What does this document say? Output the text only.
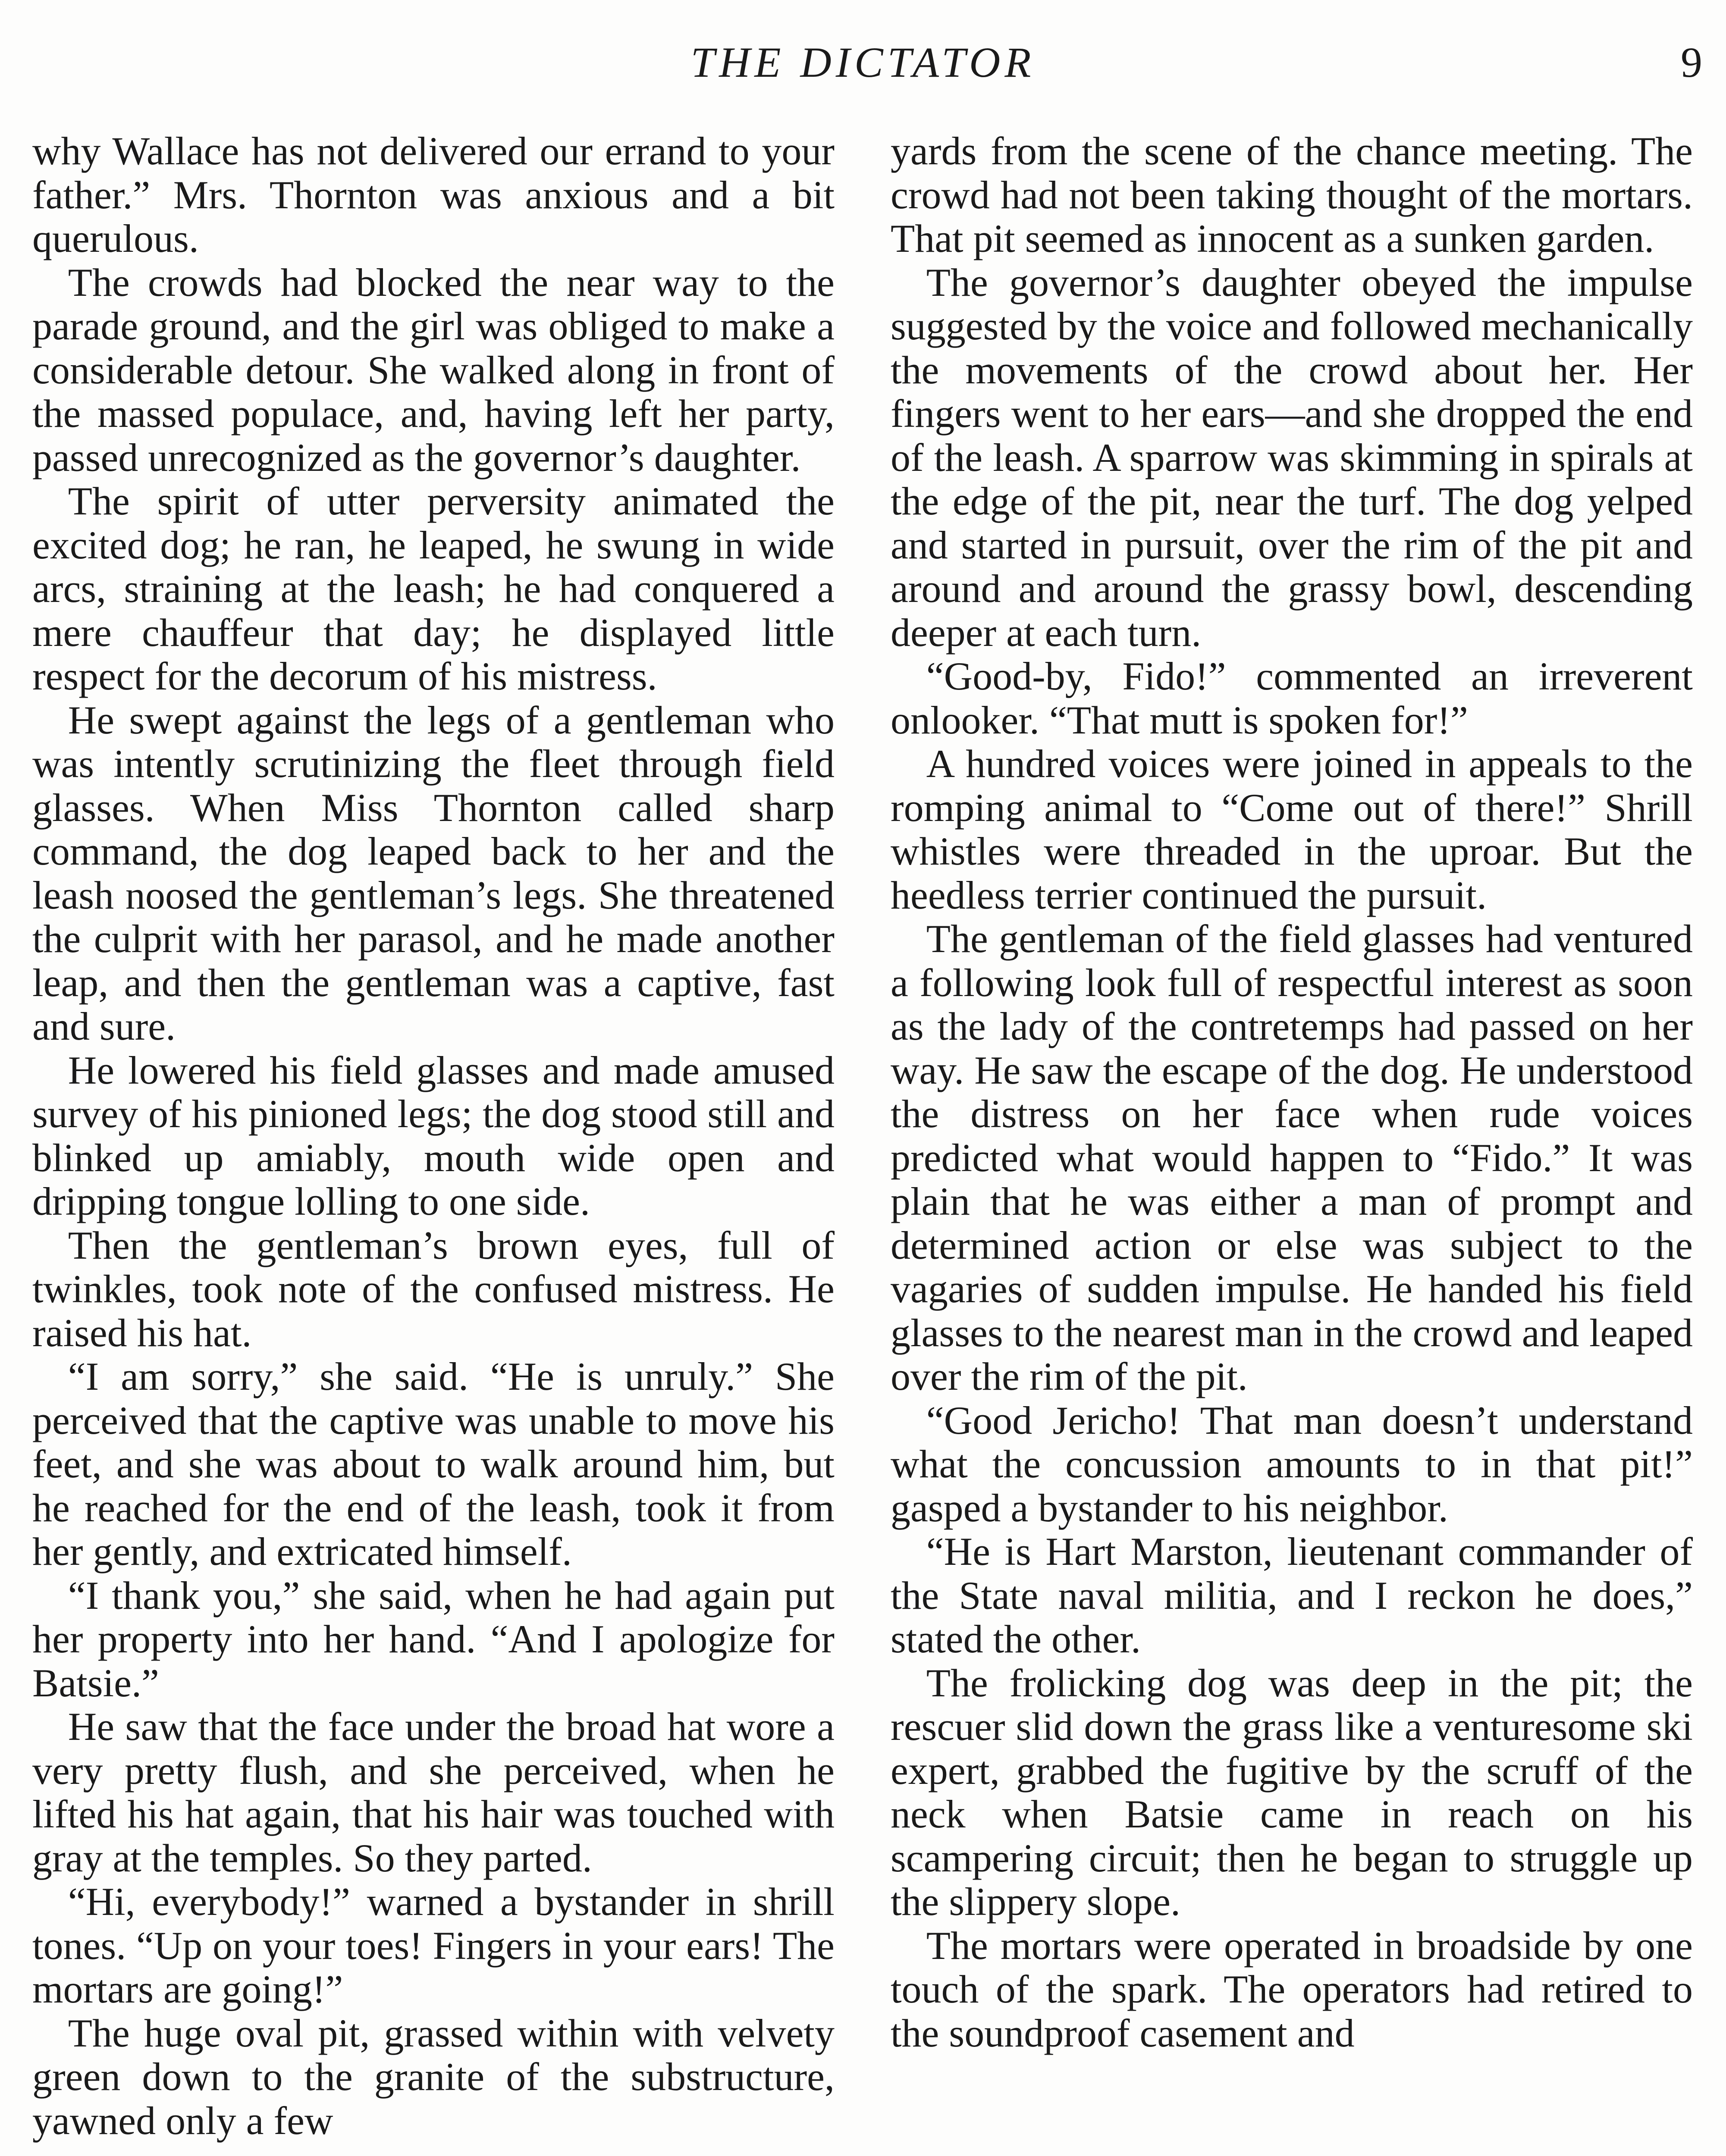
THE DICTATOR	9

why Wallace has not delivered our errand to your father.” Mrs. Thornton was anxious and a bit querulous.

The crowds had blocked the near way to the parade ground, and the girl was obliged to make a considerable detour. She walked along in front of the massed populace, and, having left her party, passed unrecognized as the governor’s daughter.

The spirit of utter perversity animated the excited dog; he ran, he leaped, he swung in wide arcs, straining at the leash; he had conquered a mere chauffeur that day; he displayed little respect for the decorum of his mistress.

He swept against the legs of a gentleman who was intently scrutinizing the fleet through field glasses. When Miss Thornton called sharp command, the dog leaped back to her and the leash noosed the gentleman’s legs. She threatened the culprit with her parasol, and he made another leap, and then the gentleman was a captive, fast and sure.

He lowered his field glasses and made amused survey of his pinioned legs; the dog stood still and blinked up amiably, mouth wide open and dripping tongue lolling to one side.

Then the gentleman’s brown eyes, full of twinkles, took note of the confused mistress. He raised his hat.

“I am sorry,” she said. “He is unruly.” She perceived that the captive was unable to move his feet, and she was about to walk around him, but he reached for the end of the leash, took it from her gently, and extricated himself.

“I thank you,” she said, when he had again put her property into her hand. “And I apologize for Batsie.”

He saw that the face under the broad hat wore a very pretty flush, and she perceived, when he lifted his hat again, that his hair was touched with gray at the temples. So they parted.

“Hi, everybody!” warned a bystander in shrill tones. “Up on your toes! Fingers in your ears! The mortars are going!”

The huge oval pit, grassed within with velvety green down to the granite of the substructure, yawned only a few

yards from the scene of the chance meeting. The crowd had not been taking thought of the mortars. That pit seemed as innocent as a sunken garden.

The governor’s daughter obeyed the impulse suggested by the voice and followed mechanically the movements of the crowd about her. Her fingers went to her ears—and she dropped the end of the leash. A sparrow was skimming in spirals at the edge of the pit, near the turf. The dog yelped and started in pursuit, over the rim of the pit and around and around the grassy bowl, descending deeper at each turn.

“Good-by, Fido!” commented an irreverent onlooker. “That mutt is spoken for!”

A hundred voices were joined in appeals to the romping animal to “Come out of there!” Shrill whistles were threaded in the uproar. But the heedless terrier continued the pursuit.

The gentleman of the field glasses had ventured a following look full of respectful interest as soon as the lady of the contretemps had passed on her way. He saw the escape of the dog. He understood the distress on her face when rude voices predicted what would happen to “Fido.” It was plain that he was either a man of prompt and determined action or else was subject to the vagaries of sudden impulse. He handed his field glasses to the nearest man in the crowd and leaped over the rim of the pit.

“Good Jericho! That man doesn’t understand what the concussion amounts to in that pit!” gasped a bystander to his neighbor.

“He is Hart Marston, lieutenant commander of the State naval militia, and I reckon he does,” stated the other.

The frolicking dog was deep in the pit; the rescuer slid down the grass like a venturesome ski expert, grabbed the fugitive by the scruff of the neck when Batsie came in reach on his scampering circuit; then he began to struggle up the slippery slope.

The mortars were operated in broadside by one touch of the spark. The operators had retired to the soundproof casement and
